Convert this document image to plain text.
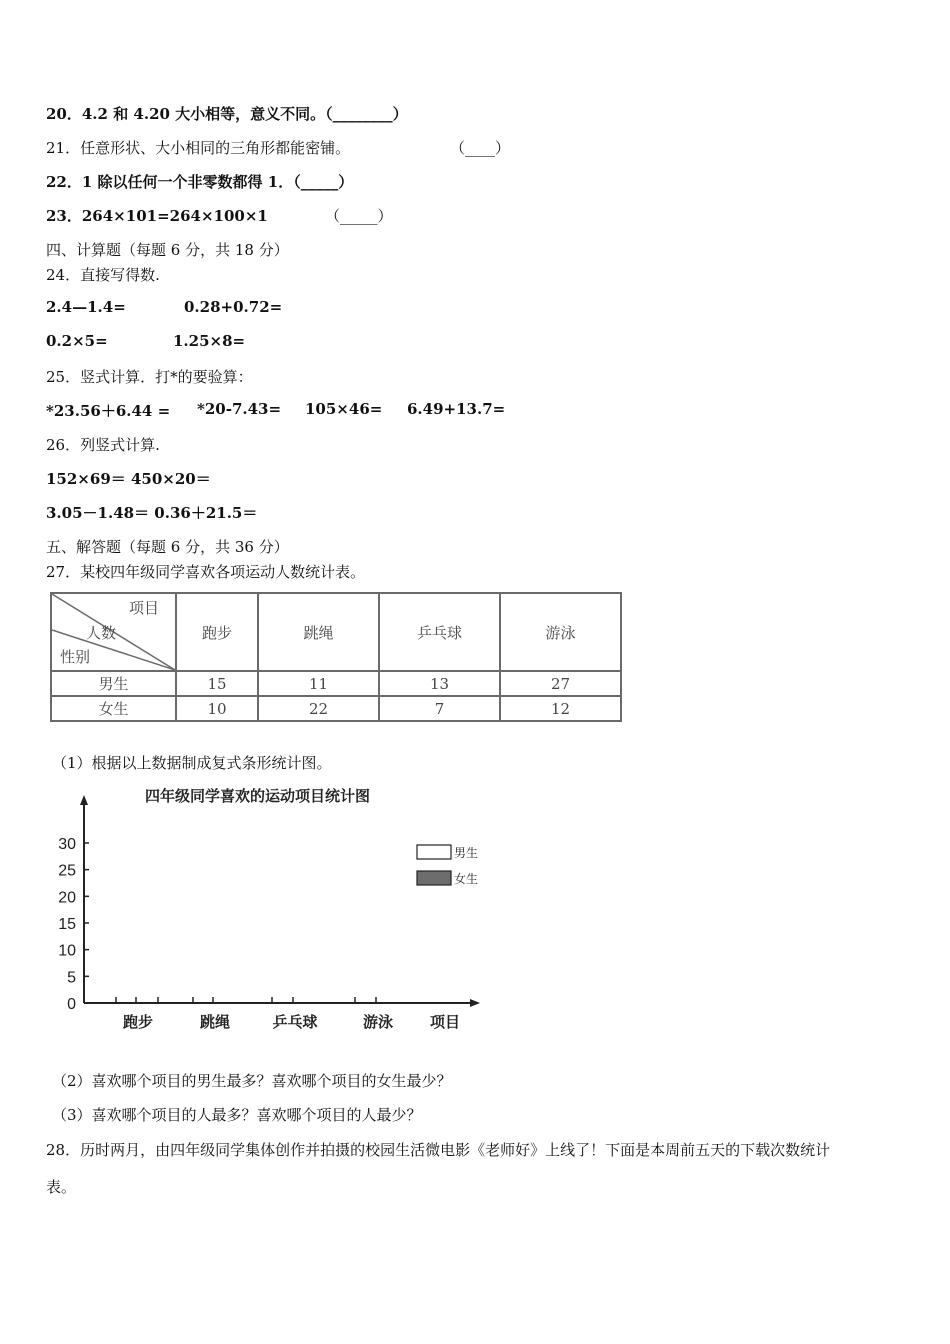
20．4.2 和 4.20 大小相等，意义不同。（________）
21．任意形状、大小相同的三角形都能密铺。	（____）
22．1 除以任何一个非零数都得 1．（_____）
23．264×101=264×100×1	（_____）
四、计算题（每题 6 分，共 18 分）
24．直接写得数.
2.4—1.4=	0.28+0.72=
0.2×5=	1.25×8=
25．竖式计算．打*的要验算：
*23.56＋6.44 = *20-7.43= 105×46= 6.49+13.7=
26．列竖式计算.
152×69＝ 450×20＝
3.05－1.48＝ 0.36＋21.5＝
五、解答题（每题 6 分，共 36 分）
27．某校四年级同学喜欢各项运动人数统计表。
项目
人数
性别	跑步	跳绳	乒乓球	游泳
男生	15	11	13	27
女生	10	22	7	12
（1）根据以上数据制成复式条形统计图。
四年级同学喜欢的运动项目统计图
0
5
10
15
20
25
30
跑步	跳绳	乒乓球	游泳 项目
男生
女生
（2）喜欢哪个项目的男生最多？喜欢哪个项目的女生最少？
（3）喜欢哪个项目的人最多？喜欢哪个项目的人最少？
28．历时两月，由四年级同学集体创作并拍摄的校园生活微电影《老师好》上线了！下面是本周前五天的下载次数统计
表。
